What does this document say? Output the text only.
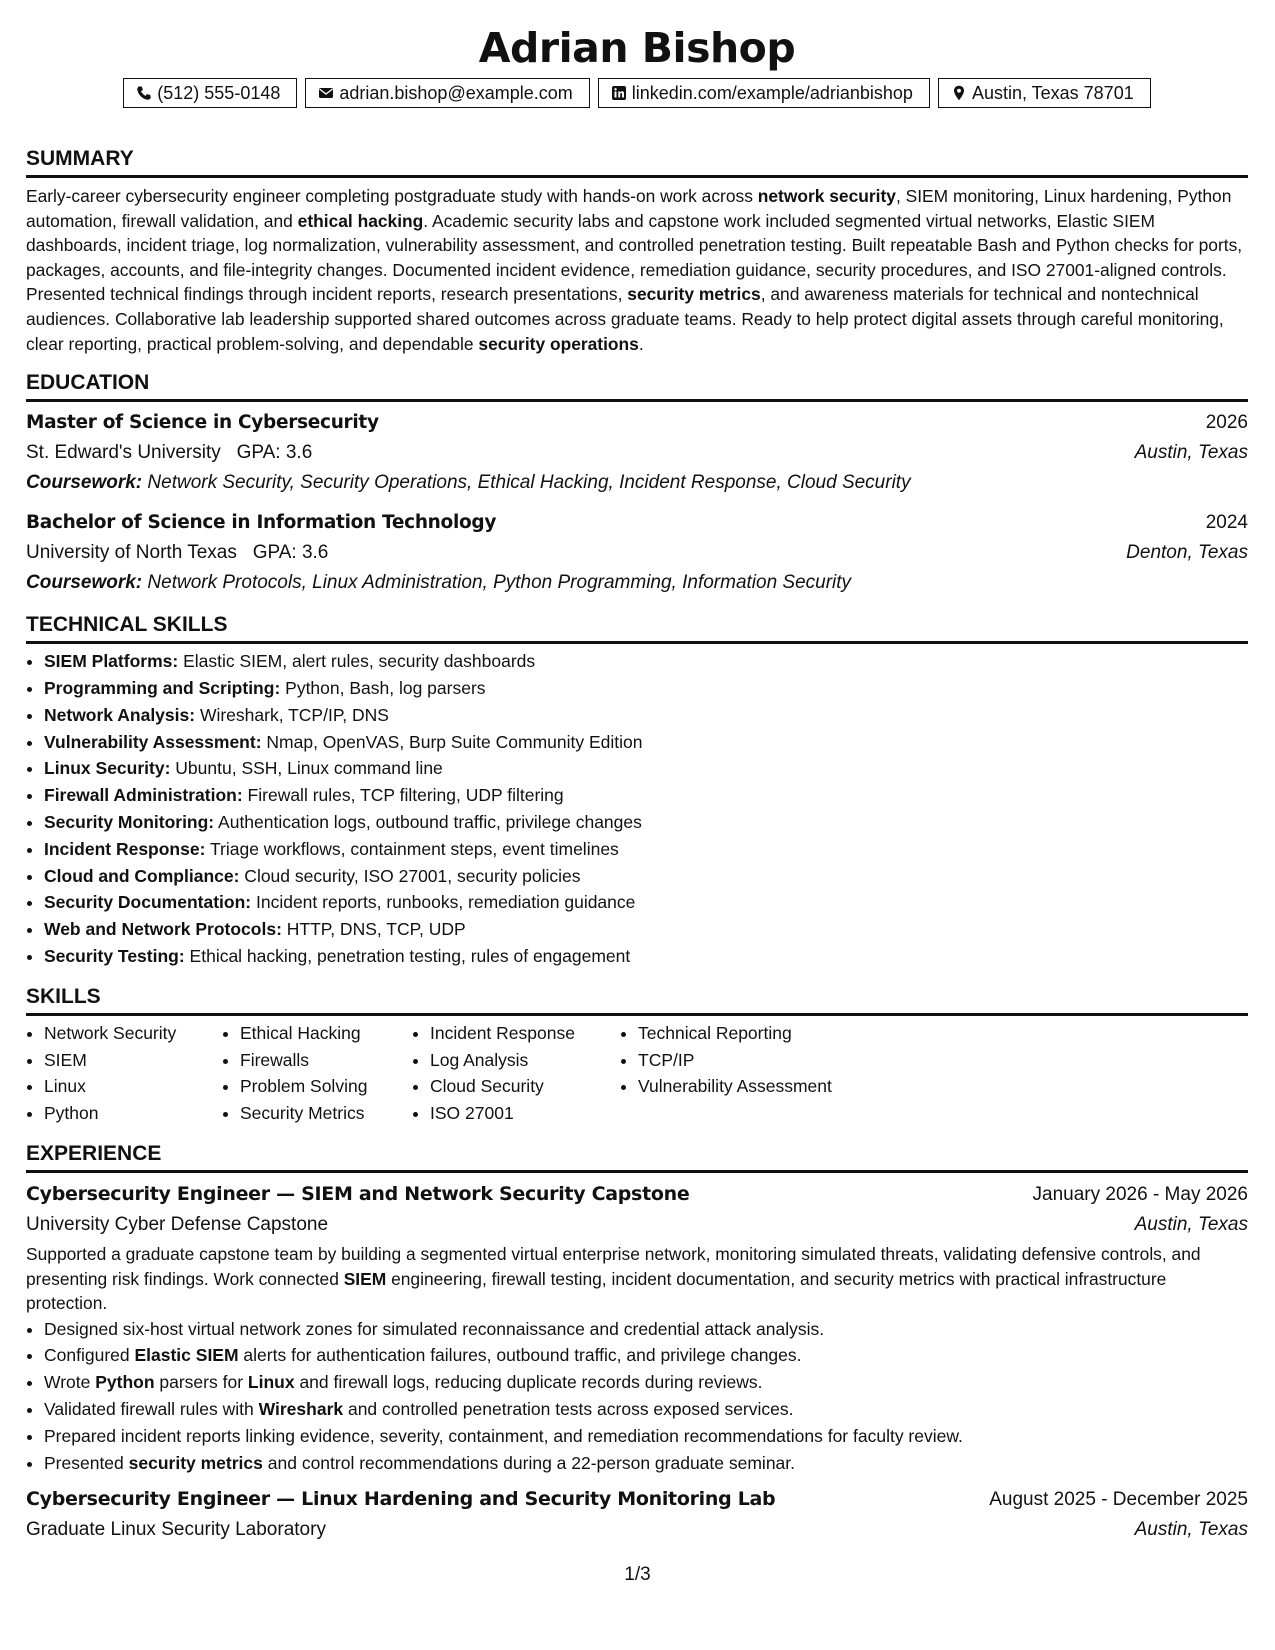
Adrian Bishop
(512) 555-0148	adrian.bishop@example.com	linkedin.com/example/adrianbishop	Austin, Texas 78701
SUMMARY

Early-career cybersecurity engineer completing postgraduate study with hands-on work across network security, SIEM monitoring, Linux hardening, Python automation, firewall validation, and ethical hacking. Academic security labs and capstone work included segmented virtual networks, Elastic SIEM dashboards, incident triage, log normalization, vulnerability assessment, and controlled penetration testing. Built repeatable Bash and Python checks for ports, packages, accounts, and file-integrity changes. Documented incident evidence, remediation guidance, security procedures, and ISO 27001-aligned controls. Presented technical findings through incident reports, research presentations, security metrics, and awareness materials for technical and nontechnical audiences. Collaborative lab leadership supported shared outcomes across graduate teams. Ready to help protect digital assets through careful monitoring, clear reporting, practical problem-solving, and dependable security operations.

EDUCATION
Master of Science in Cybersecurity	2026
St. Edward's University GPA: 3.6	Austin, Texas
Coursework: Network Security, Security Operations, Ethical Hacking, Incident Response, Cloud Security
Bachelor of Science in Information Technology	2024
University of North Texas GPA: 3.6	Denton, Texas
Coursework: Network Protocols, Linux Administration, Python Programming, Information Security
TECHNICAL SKILLS
• SIEM Platforms: Elastic SIEM, alert rules, security dashboards
• Programming and Scripting: Python, Bash, log parsers
• Network Analysis: Wireshark, TCP/IP, DNS
• Vulnerability Assessment: Nmap, OpenVAS, Burp Suite Community Edition
• Linux Security: Ubuntu, SSH, Linux command line
• Firewall Administration: Firewall rules, TCP filtering, UDP filtering
• Security Monitoring: Authentication logs, outbound traffic, privilege changes
• Incident Response: Triage workflows, containment steps, event timelines
• Cloud and Compliance: Cloud security, ISO 27001, security policies
• Security Documentation: Incident reports, runbooks, remediation guidance
• Web and Network Protocols: HTTP, DNS, TCP, UDP
• Security Testing: Ethical hacking, penetration testing, rules of engagement
SKILLS
• Network Security
• SIEM
• Linux
• Python
• Ethical Hacking
• Firewalls
• Problem Solving
• Security Metrics
• Incident Response
• Log Analysis
• Cloud Security
• ISO 27001
• Technical Reporting
• TCP/IP
• Vulnerability Assessment
EXPERIENCE
Cybersecurity Engineer — SIEM and Network Security Capstone	January 2026 - May 2026
University Cyber Defense Capstone	Austin, Texas

Supported a graduate capstone team by building a segmented virtual enterprise network, monitoring simulated threats, validating defensive controls, and presenting risk findings. Work connected SIEM engineering, firewall testing, incident documentation, and security metrics with practical infrastructure protection.

• Designed six-host virtual network zones for simulated reconnaissance and credential attack analysis.
• Configured Elastic SIEM alerts for authentication failures, outbound traffic, and privilege changes.
• Wrote Python parsers for Linux and firewall logs, reducing duplicate records during reviews.
• Validated firewall rules with Wireshark and controlled penetration tests across exposed services.
• Prepared incident reports linking evidence, severity, containment, and remediation recommendations for faculty review.
• Presented security metrics and control recommendations during a 22-person graduate seminar.
Cybersecurity Engineer — Linux Hardening and Security Monitoring Lab	August 2025 - December 2025
Graduate Linux Security Laboratory	Austin, Texas
1/3
